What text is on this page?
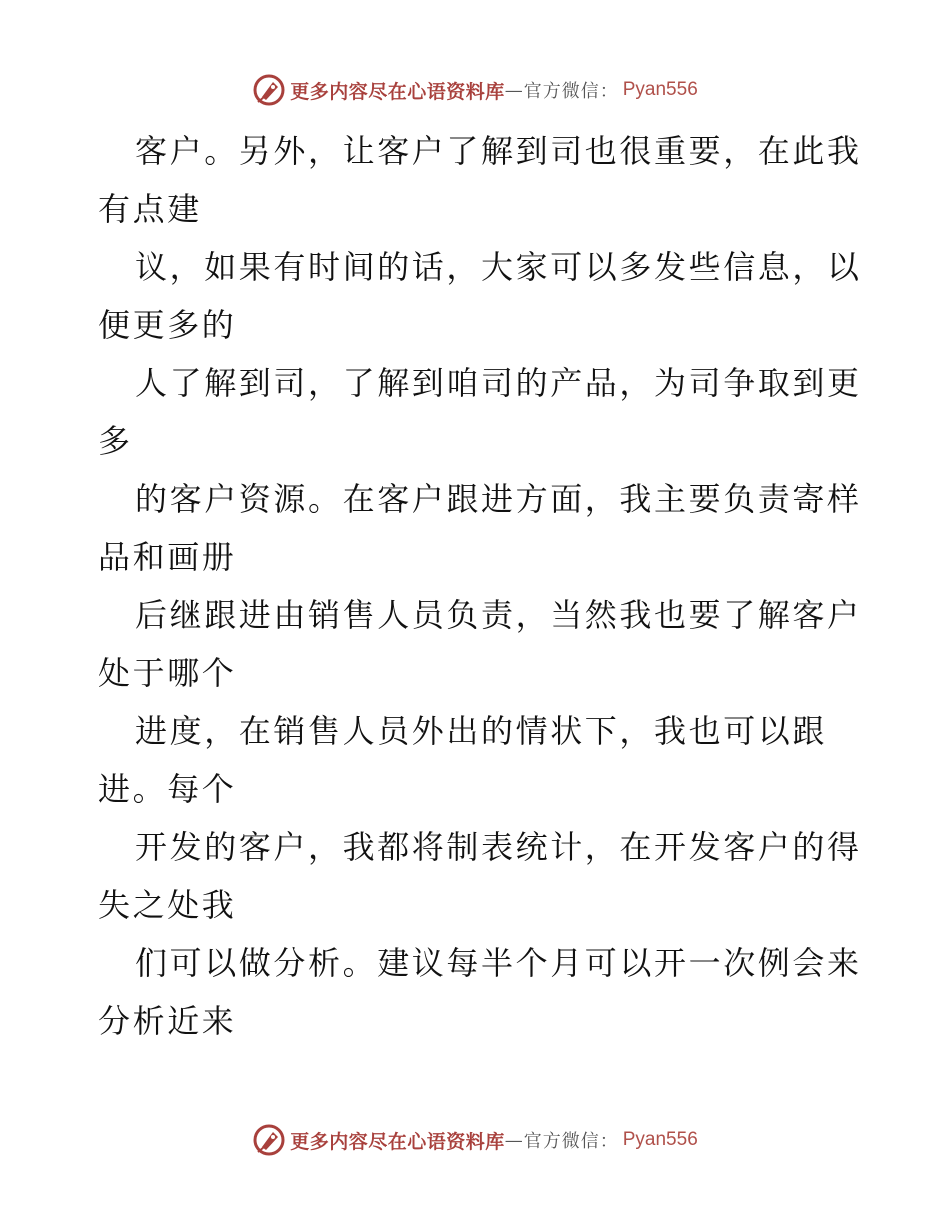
更多内容尽在心语资料库 — 官方微信： Pyan556
客户。另外，让客户了解到司也很重要，在此我
有点建
议，如果有时间的话，大家可以多发些信息，以
便更多的
人了解到司，了解到咱司的产品，为司争取到更
多
的客户资源。在客户跟进方面，我主要负责寄样
品和画册
后继跟进由销售人员负责，当然我也要了解客户
处于哪个
进度，在销售人员外出的情状下，我也可以跟
进。每个
开发的客户，我都将制表统计，在开发客户的得
失之处我
们可以做分析。建议每半个月可以开一次例会来
分析近来
更多内容尽在心语资料库 — 官方微信： Pyan556
